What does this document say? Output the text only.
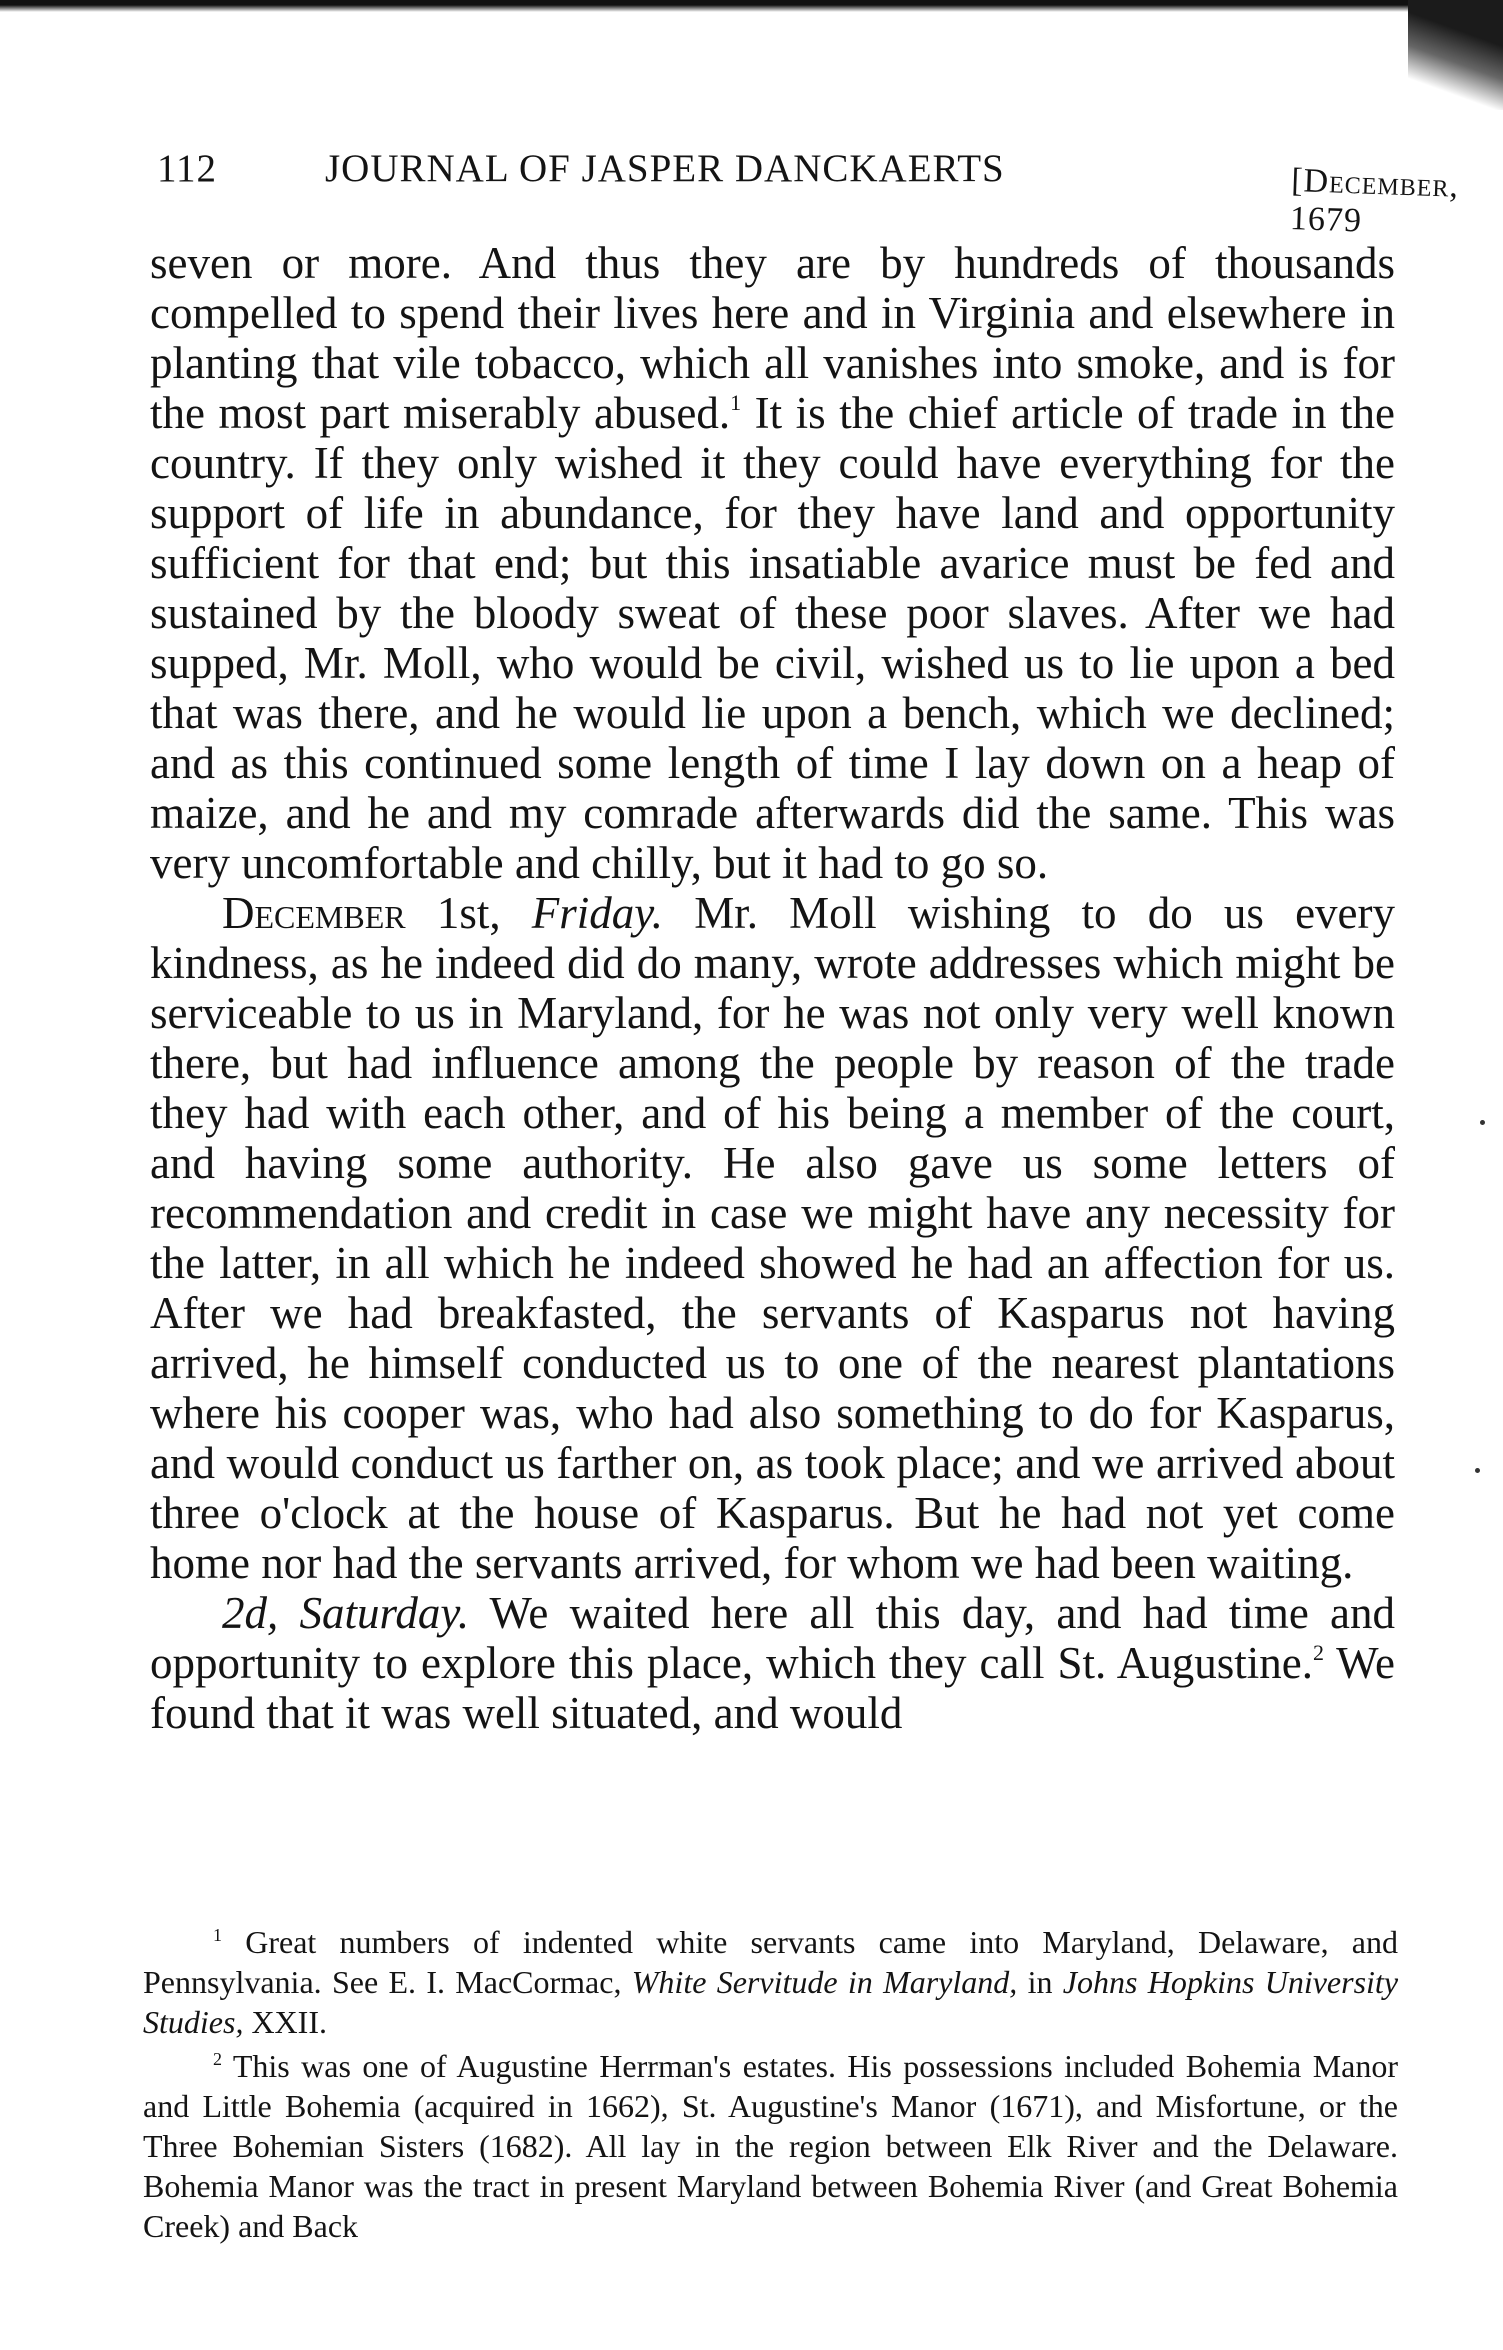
112	JOURNAL OF JASPER DANCKAERTS	[December, 1679

seven or more. And thus they are by hundreds of thousands compelled to spend their lives here and in Virginia and elsewhere in planting that vile tobacco, which all vanishes into smoke, and is for the most part miserably abused.$^1$ It is the chief article of trade in the country. If they only wished it they could have everything for the support of life in abundance, for they have land and opportunity sufficient for that end; but this insatiable avarice must be fed and sustained by the bloody sweat of these poor slaves. After we had supped, Mr. Moll, who would be civil, wished us to lie upon a bed that was there, and he would lie upon a bench, which we declined; and as this continued some length of time I lay down on a heap of maize, and he and my comrade afterwards did the same. This was very uncomfortable and chilly, but it had to go so.

December 1st, Friday. Mr. Moll wishing to do us every kindness, as he indeed did do many, wrote addresses which might be serviceable to us in Maryland, for he was not only very well known there, but had influence among the people by reason of the trade they had with each other, and of his being a member of the court, and having some authority. He also gave us some letters of recommendation and credit in case we might have any necessity for the latter, in all which he indeed showed he had an affection for us. After we had breakfasted, the servants of Kasparus not having arrived, he himself conducted us to one of the nearest plantations where his cooper was, who had also something to do for Kasparus, and would conduct us farther on, as took place; and we arrived about three o'clock at the house of Kasparus. But he had not yet come home nor had the servants arrived, for whom we had been waiting.

2d, Saturday. We waited here all this day, and had time and opportunity to explore this place, which they call St. Augustine.$^2$ We found that it was well situated, and would

$^1$ Great numbers of indented white servants came into Maryland, Delaware, and Pennsylvania. See E. I. MacCormac, White Servitude in Maryland, in Johns Hopkins University Studies, XXII.

$^2$ This was one of Augustine Herrman's estates. His possessions included Bohemia Manor and Little Bohemia (acquired in 1662), St. Augustine's Manor (1671), and Misfortune, or the Three Bohemian Sisters (1682). All lay in the region between Elk River and the Delaware. Bohemia Manor was the tract in present Maryland between Bohemia River (and Great Bohemia Creek) and Back
